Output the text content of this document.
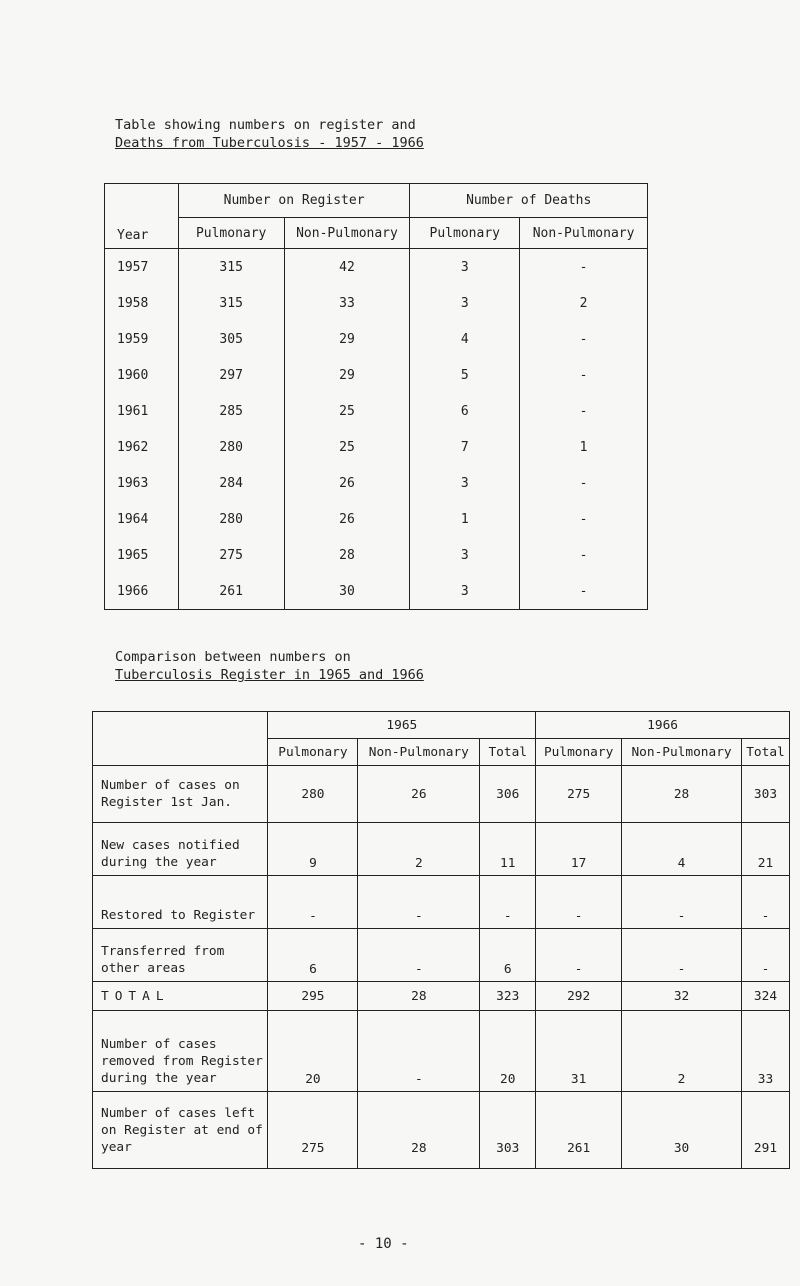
Table showing numbers on register and
Deaths from Tuberculosis - 1957 - 1966
Year	Number on Register		Number of Deaths	
	Pulmonary	Non-Pulmonary	Pulmonary	Non-Pulmonary
1957	315	42	3	-
1958	315	33	3	2
1959	305	29	4	-
1960	297	29	5	-
1961	285	25	6	-
1962	280	25	7	1
1963	284	26	3	-
1964	280	26	1	-
1965	275	28	3	-
1966	261	30	3	-
Comparison between numbers on
Tuberculosis Register in 1965 and 1966
	1965			1966		
	Pulmonary	Non-Pulmonary	Total	Pulmonary	Non-Pulmonary	Total
Number of cases on Register 1st Jan.	280	26	306	275	28	303
New cases notified during the year	9	2	11	17	4	21
Restored to Register	-	-	-	-	-	-
Transferred from other areas	6	-	6	-	-	-
TOTAL	295	28	323	292	32	324
Number of cases removed from Register during the year	20	-	20	31	2	33
Number of cases left on Register at end of year	275	28	303	261	30	291
- 10 -
